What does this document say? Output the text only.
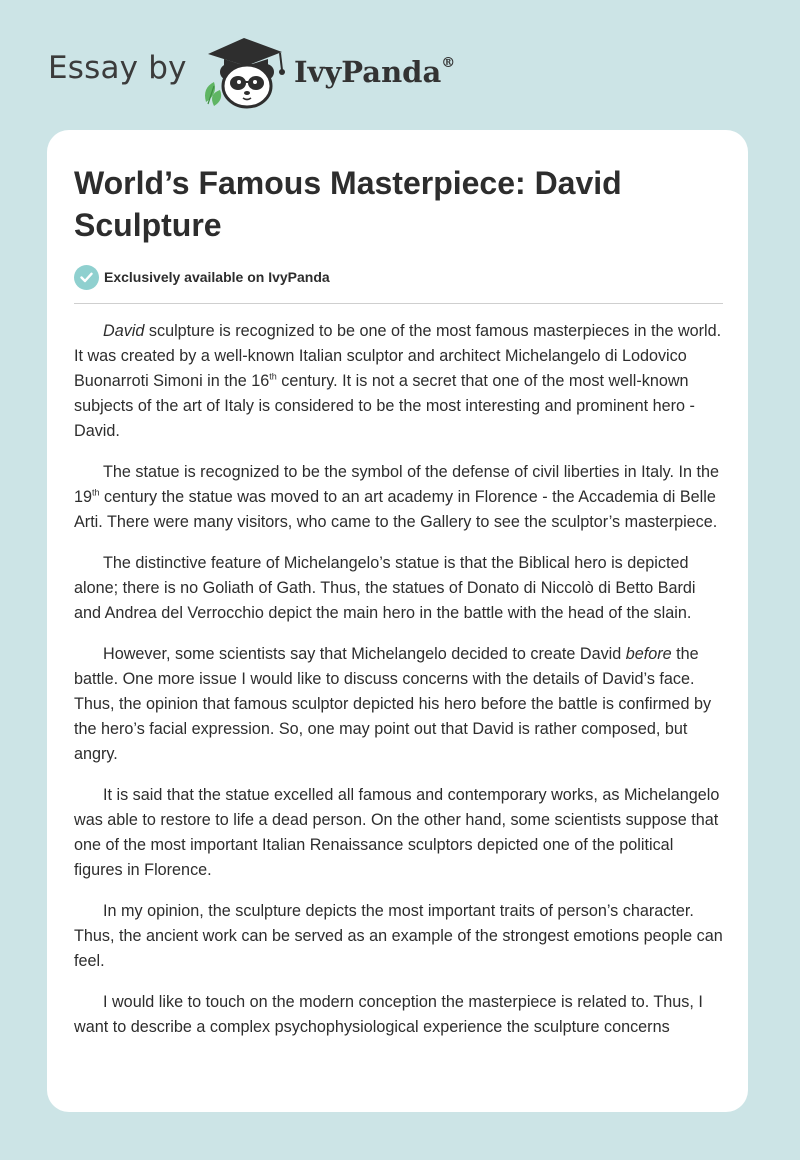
Essay by	IvyPanda®
World’s Famous Masterpiece: David Sculpture
Exclusively available on IvyPanda

David sculpture is recognized to be one of the most famous masterpieces in the world. It was created by a well-known Italian sculptor and architect Michelangelo di Lodovico Buonarroti Simoni in the 16th century. It is not a secret that one of the most well-known subjects of the art of Italy is considered to be the most interesting and prominent hero - David.

The statue is recognized to be the symbol of the defense of civil liberties in Italy. In the 19th century the statue was moved to an art academy in Florence - the Accademia di Belle Arti. There were many visitors, who came to the Gallery to see the sculptor’s masterpiece.

The distinctive feature of Michelangelo’s statue is that the Biblical hero is depicted alone; there is no Goliath of Gath. Thus, the statues of Donato di Niccolò di Betto Bardi and Andrea del Verrocchio depict the main hero in the battle with the head of the slain.

However, some scientists say that Michelangelo decided to create David before the battle. One more issue I would like to discuss concerns with the details of David’s face. Thus, the opinion that famous sculptor depicted his hero before the battle is confirmed by the hero’s facial expression. So, one may point out that David is rather composed, but angry.

It is said that the statue excelled all famous and contemporary works, as Michelangelo was able to restore to life a dead person. On the other hand, some scientists suppose that one of the most important Italian Renaissance sculptors depicted one of the political figures in Florence.

In my opinion, the sculpture depicts the most important traits of person’s character. Thus, the ancient work can be served as an example of the strongest emotions people can feel.

I would like to touch on the modern conception the masterpiece is related to. Thus, I want to describe a complex psychophysiological experience the sculpture concerns
